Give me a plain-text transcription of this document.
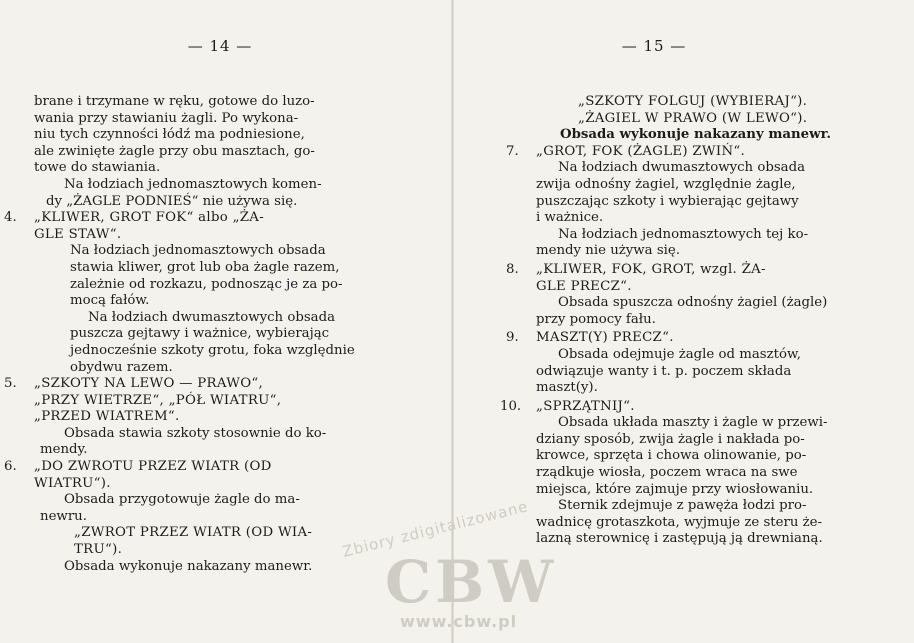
— 14 —
brane i trzymane w ręku, gotowe do luzo-
wania przy stawianiu żagli. Po wykona-
niu tych czynności łódź ma podniesione,
ale zwinięte żagle przy obu masztach, go-
towe do stawiania.
Na łodziach jednomasztowych komen-
dy „ŻAGLE PODNIEŚ“ nie używa się.
4.	„KLIWER, GROT FOK“ albo „ŻA-
GLE STAW“.
Na łodziach jednomasztowych obsada
stawia kliwer, grot lub oba żagle razem,
zależnie od rozkazu, podnosząc je za po-
mocą fałów.
Na łodziach dwumasztowych obsada
puszcza gejtawy i ważnice, wybierając
jednocześnie szkoty grotu, foka względnie
obydwu razem.
5.	„SZKOTY NA LEWO — PRAWO“,
„PRZY WIETRZE“, „PÓŁ WIATRU“,
„PRZED WIATREM“.
Obsada stawia szkoty stosownie do ko-
mendy.
6.	„DO ZWROTU PRZEZ WIATR (OD
WIATRU“).
Obsada przygotowuje żagle do ma-
newru.
„ZWROT PRZEZ WIATR (OD WIA-
TRU“).
Obsada wykonuje nakazany manewr.
— 15 —
„SZKOTY FOLGUJ (WYBIERAJ“).
„ŻAGIEL W PRAWO (W LEWO“).
Obsada wykonuje nakazany manewr.
7.	„GROT, FOK (ŻAGLE) ZWIŃ“.
Na łodziach dwumasztowych obsada
zwija odnośny żagiel, względnie żagle,
puszczając szkoty i wybierając gejtawy
i ważnice.
Na łodziach jednomasztowych tej ko-
mendy nie używa się.
8.	„KLIWER, FOK, GROT, wzgl. ŻA-
GLE PRECZ“.
Obsada spuszcza odnośny żagiel (żagle)
przy pomocy fału.
9.	MASZT(Y) PRECZ“.
Obsada odejmuje żagle od masztów,
odwiązuje wanty i t. p. poczem składa
maszt(y).
10.	„SPRZĄTNIJ“.
Obsada układa maszty i żagle w przewi-
dziany sposób, zwija żagle i nakłada po-
krowce, sprzęta i chowa olinowanie, po-
rządkuje wiosła, poczem wraca na swe
miejsca, które zajmuje przy wiosłowaniu.
Sternik zdejmuje z pawęża łodzi pro-
wadnicę grotaszkota, wyjmuje ze steru że-
lazną sterownicę i zastępują ją drewnianą.
Zbiory zdigitalizowane
CBW
www.cbw.pl
